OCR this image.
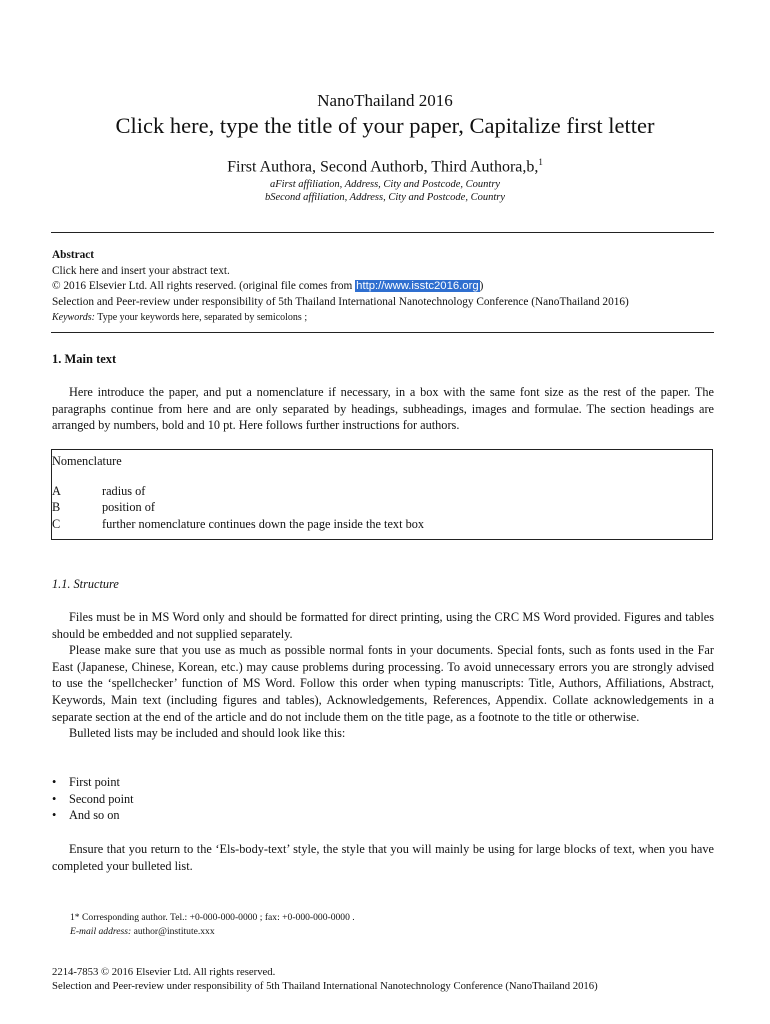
NanoThailand 2016
Click here, type the title of your paper, Capitalize first letter
First Authora, Second Authorb, Third Authora,b,$^1$
aFirst affiliation, Address, City and Postcode, Country
bSecond affiliation, Address, City and Postcode, Country
Abstract
Click here and insert your abstract text.
© 2016 Elsevier Ltd. All rights reserved. (original file comes from http://www.isstc2016.org)
Selection and Peer-review under responsibility of 5th Thailand International Nanotechnology Conference (NanoThailand 2016)
Keywords: Type your keywords here, separated by semicolons ;
1. Main text
Here introduce the paper, and put a nomenclature if necessary, in a box with the same font size as the rest of the paper. The paragraphs continue from here and are only separated by headings, subheadings, images and formulae. The section headings are arranged by numbers, bold and 10 pt. Here follows further instructions for authors.
Nomenclature
A	radius of
B	position of
C	further nomenclature continues down the page inside the text box
1.1. Structure
Files must be in MS Word only and should be formatted for direct printing, using the CRC MS Word provided. Figures and tables should be embedded and not supplied separately.
Please make sure that you use as much as possible normal fonts in your documents. Special fonts, such as fonts used in the Far East (Japanese, Chinese, Korean, etc.) may cause problems during processing. To avoid unnecessary errors you are strongly advised to use the ‘spellchecker’ function of MS Word. Follow this order when typing manuscripts: Title, Authors, Affiliations, Abstract, Keywords, Main text (including figures and tables), Acknowledgements, References, Appendix. Collate acknowledgements in a separate section at the end of the article and do not include them on the title page, as a footnote to the title or otherwise.
Bulleted lists may be included and should look like this:
• First point
• Second point
• And so on
Ensure that you return to the ‘Els-body-text’ style, the style that you will mainly be using for large blocks of text, when you have completed your bulleted list.
1* Corresponding author. Tel.: +0-000-000-0000 ; fax: +0-000-000-0000 .
E-mail address: author@institute.xxx
2214-7853 © 2016 Elsevier Ltd. All rights reserved.
Selection and Peer-review under responsibility of 5th Thailand International Nanotechnology Conference (NanoThailand 2016)
